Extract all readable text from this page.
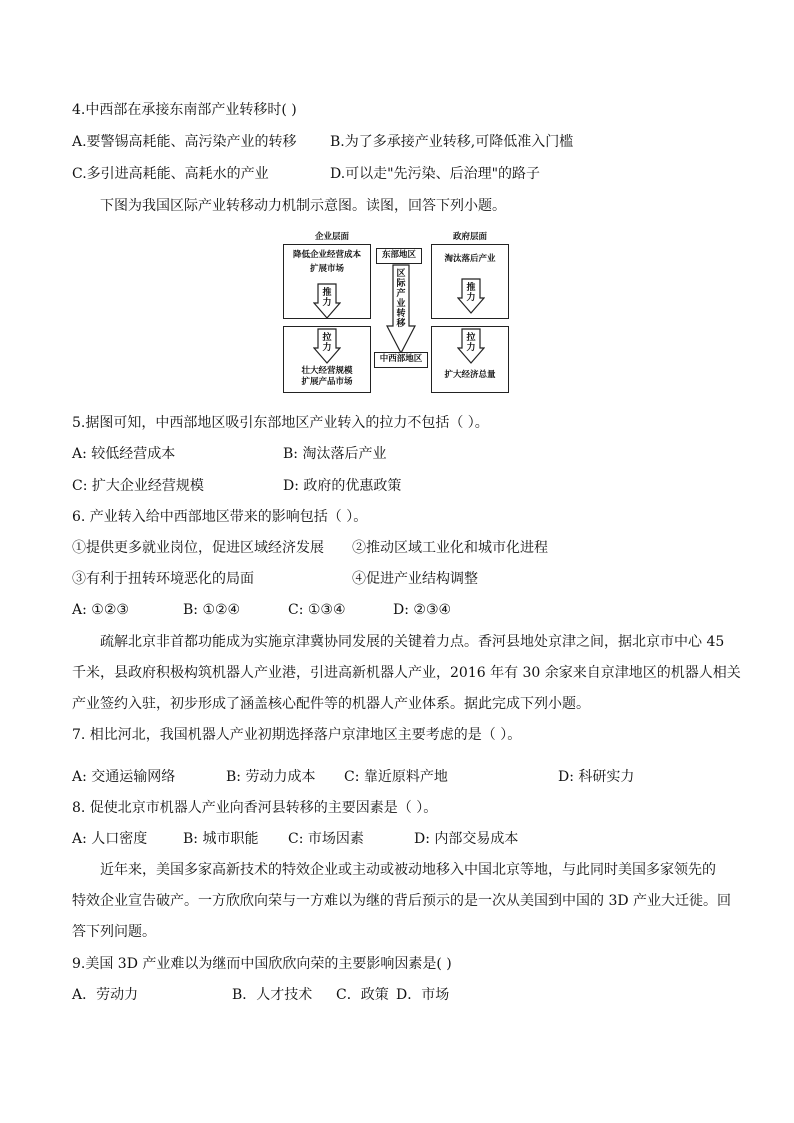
4.中西部在承接东南部产业转移时( )
A.要警锡高耗能、高污染产业的转移 B.为了多承接产业转移,可降低准入门槛
C.多引进高耗能、高耗水的产业	D.可以走"先污染、后治理"的路子
下图为我国区际产业转移动力机制示意图。读图，回答下列小题。
企业层面
降低企业经营成本
扩展市场
推力
拉力
壮大经营规模
扩展产品市场
东部地区
区际产业转移
中西部地区
政府层面
淘汰落后产业
推力
拉力
扩大经济总量
5.据图可知，中西部地区吸引东部地区产业转入的拉力不包括（ ）。
A: 较低经营成本	B: 淘汰落后产业
C: 扩大企业经营规模	D: 政府的优惠政策
6. 产业转入给中西部地区带来的影响包括（ ）。
①提供更多就业岗位，促进区域经济发展 ②推动区域工业化和城市化进程
③有利于扭转环境恶化的局面	④促进产业结构调整
A: ①②③	B: ①②④	C: ①③④	D: ②③④
疏解北京非首都功能成为实施京津冀协同发展的关键着力点。香河县地处京津之间，据北京市中心 45
千米，县政府积极构筑机器人产业港，引进高新机器人产业，2016 年有 30 余家来自京津地区的机器人相关
产业签约入驻，初步形成了涵盖核心配件等的机器人产业体系。据此完成下列小题。
7. 相比河北，我国机器人产业初期选择落户京津地区主要考虑的是（ ）。
A: 交通运输网络	B: 劳动力成本 C: 靠近原料产地	D: 科研实力
8. 促使北京市机器人产业向香河县转移的主要因素是（ ）。
A: 人口密度	B: 城市职能 C: 市场因素	D: 内部交易成本
近年来，美国多家高新技术的特效企业或主动或被动地移入中国北京等地，与此同时美国多家领先的
特效企业宣告破产。一方欣欣向荣与一方难以为继的背后预示的是一次从美国到中国的 3D 产业大迁徙。回
答下列问题。
9.美国 3D 产业难以为继而中国欣欣向荣的主要影响因素是( )
A．劳动力	B．人才技术 C．政策 D．市场
